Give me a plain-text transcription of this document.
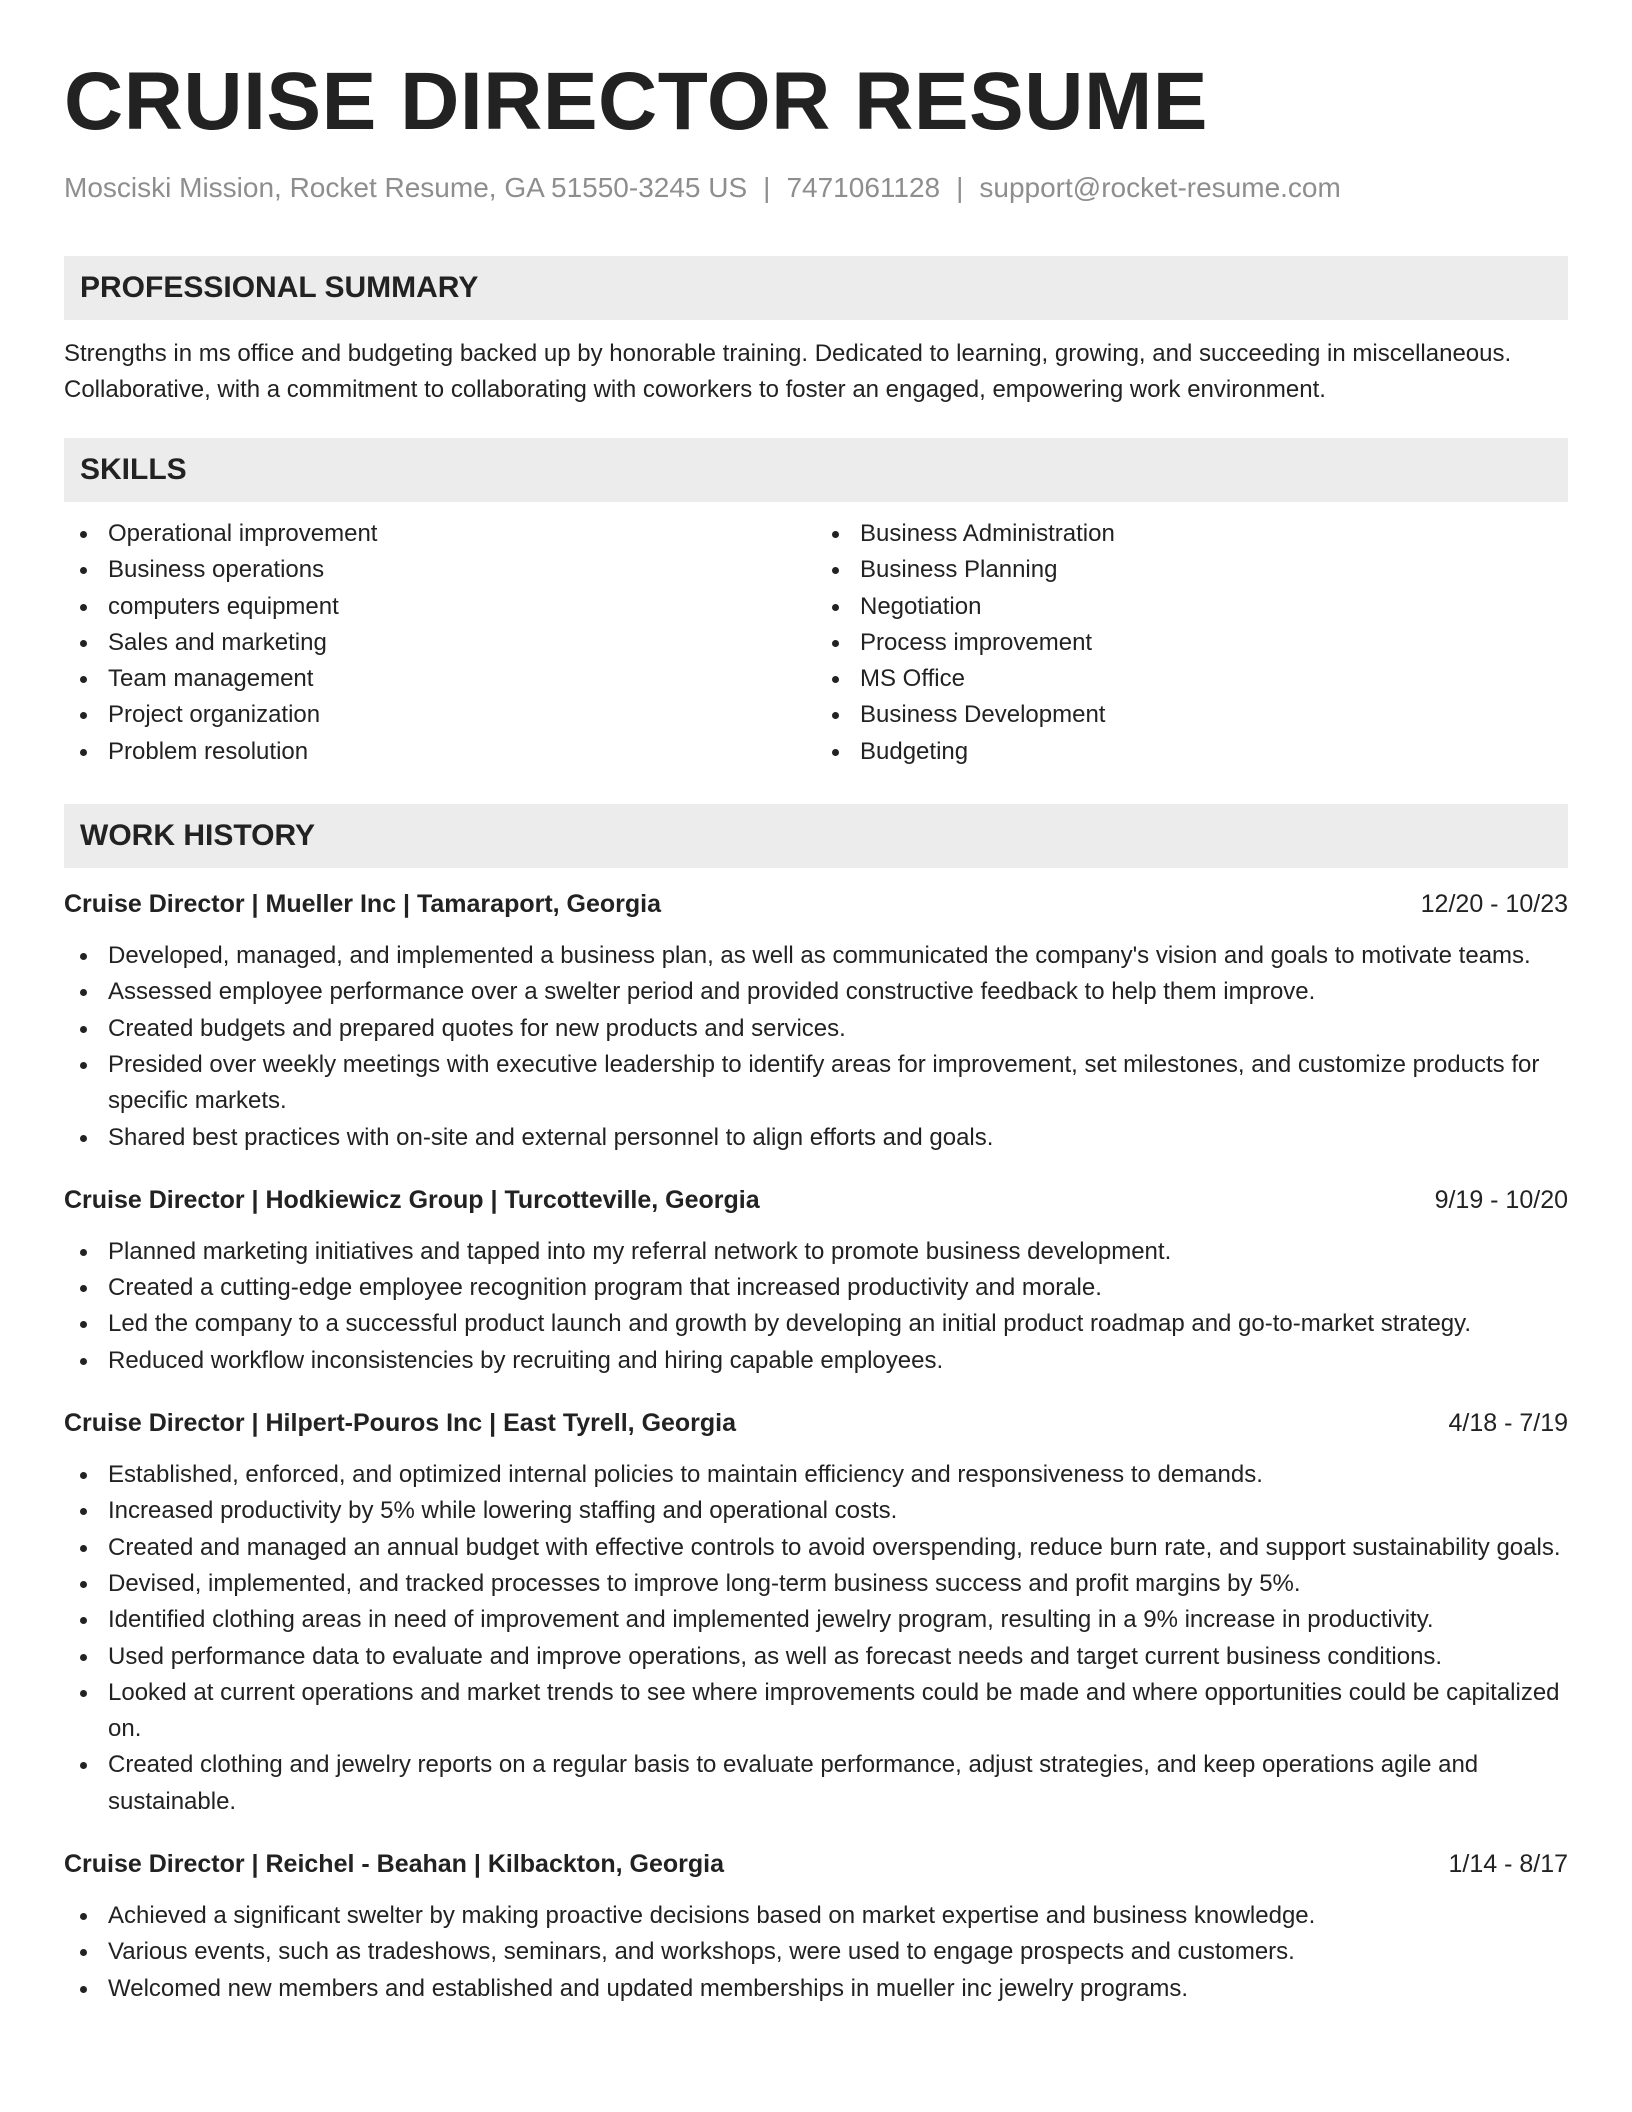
CRUISE DIRECTOR RESUME
Mosciski Mission, Rocket Resume, GA 51550-3245 US | 7471061128 | support@rocket-resume.com
PROFESSIONAL SUMMARY
Strengths in ms office and budgeting backed up by honorable training. Dedicated to learning, growing, and succeeding in miscellaneous. Collaborative, with a commitment to collaborating with coworkers to foster an engaged, empowering work environment.
SKILLS
Operational improvement
Business operations
computers equipment
Sales and marketing
Team management
Project organization
Problem resolution
Business Administration
Business Planning
Negotiation
Process improvement
MS Office
Business Development
Budgeting
WORK HISTORY
Cruise Director | Mueller Inc | Tamaraport, Georgia	12/20 - 10/23
Developed, managed, and implemented a business plan, as well as communicated the company's vision and goals to motivate teams.
Assessed employee performance over a swelter period and provided constructive feedback to help them improve.
Created budgets and prepared quotes for new products and services.
Presided over weekly meetings with executive leadership to identify areas for improvement, set milestones, and customize products for specific markets.
Shared best practices with on-site and external personnel to align efforts and goals.
Cruise Director | Hodkiewicz Group | Turcotteville, Georgia	9/19 - 10/20
Planned marketing initiatives and tapped into my referral network to promote business development.
Created a cutting-edge employee recognition program that increased productivity and morale.
Led the company to a successful product launch and growth by developing an initial product roadmap and go-to-market strategy.
Reduced workflow inconsistencies by recruiting and hiring capable employees.
Cruise Director | Hilpert-Pouros Inc | East Tyrell, Georgia	4/18 - 7/19
Established, enforced, and optimized internal policies to maintain efficiency and responsiveness to demands.
Increased productivity by 5% while lowering staffing and operational costs.
Created and managed an annual budget with effective controls to avoid overspending, reduce burn rate, and support sustainability goals.
Devised, implemented, and tracked processes to improve long-term business success and profit margins by 5%.
Identified clothing areas in need of improvement and implemented jewelry program, resulting in a 9% increase in productivity.
Used performance data to evaluate and improve operations, as well as forecast needs and target current business conditions.
Looked at current operations and market trends to see where improvements could be made and where opportunities could be capitalized on.
Created clothing and jewelry reports on a regular basis to evaluate performance, adjust strategies, and keep operations agile and sustainable.
Cruise Director | Reichel - Beahan | Kilbackton, Georgia	1/14 - 8/17
Achieved a significant swelter by making proactive decisions based on market expertise and business knowledge.
Various events, such as tradeshows, seminars, and workshops, were used to engage prospects and customers.
Welcomed new members and established and updated memberships in mueller inc jewelry programs.
